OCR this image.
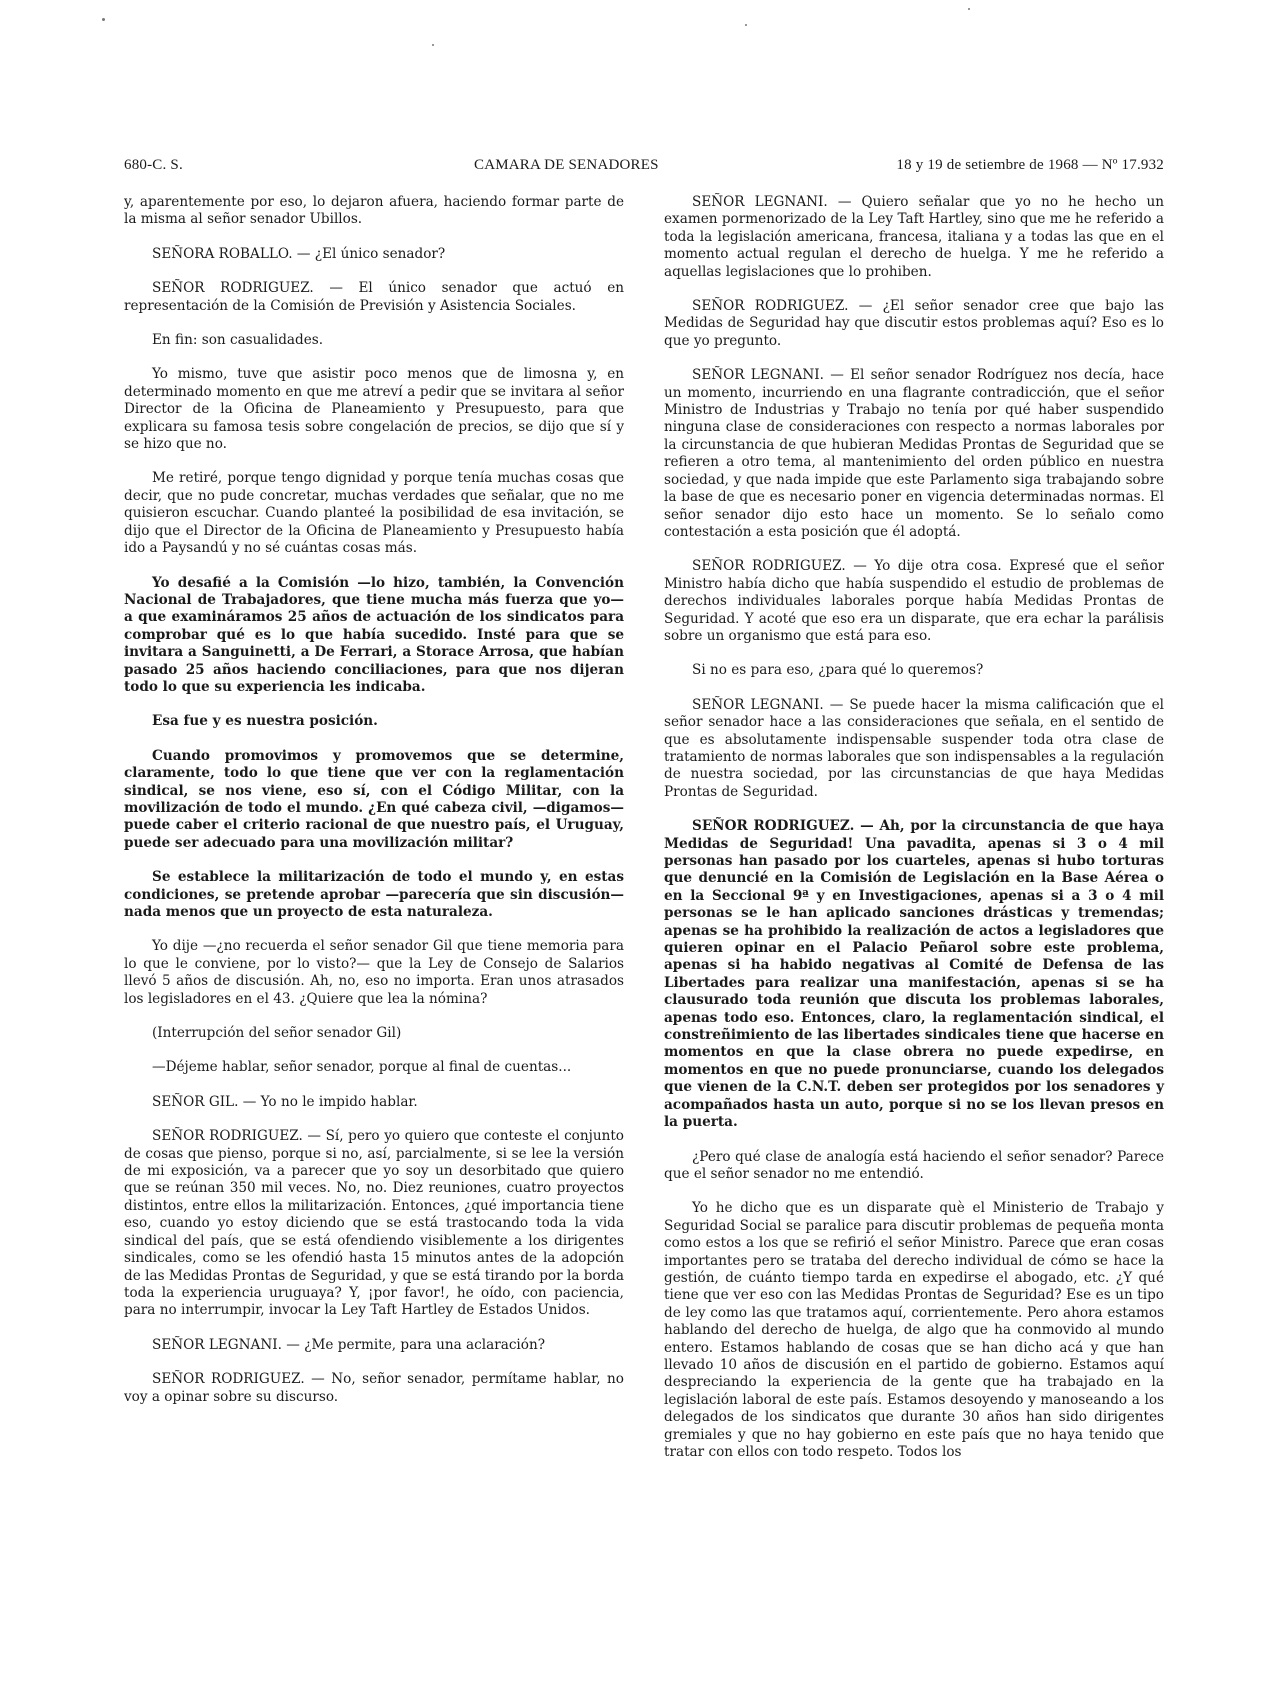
680-C. S.	CAMARA DE SENADORES	18 y 19 de setiembre de 1968 — Nº 17.932

y, aparentemente por eso, lo dejaron afuera, haciendo formar parte de la misma al señor senador Ubillos.

SEÑORA ROBALLO. — ¿El único senador?

SEÑOR RODRIGUEZ. — El único senador que actuó en representación de la Comisión de Previsión y Asistencia Sociales.

En fin: son casualidades.

Yo mismo, tuve que asistir poco menos que de limosna y, en determinado momento en que me atreví a pedir que se invitara al señor Director de la Oficina de Planeamiento y Presupuesto, para que explicara su famosa tesis sobre congelación de precios, se dijo que sí y se hizo que no.

Me retiré, porque tengo dignidad y porque tenía muchas cosas que decir, que no pude concretar, muchas verdades que señalar, que no me quisieron escuchar. Cuando planteé la posibilidad de esa invitación, se dijo que el Director de la Oficina de Planeamiento y Presupuesto había ido a Paysandú y no sé cuántas cosas más.

Yo desafié a la Comisión —lo hizo, también, la Convención Nacional de Trabajadores, que tiene mucha más fuerza que yo— a que examináramos 25 años de actuación de los sindicatos para comprobar qué es lo que había sucedido. Insté para que se invitara a Sanguinetti, a De Ferrari, a Storace Arrosa, que habían pasado 25 años haciendo conciliaciones, para que nos dijeran todo lo que su experiencia les indicaba.

Esa fue y es nuestra posición.

Cuando promovimos y promovemos que se determine, claramente, todo lo que tiene que ver con la reglamentación sindical, se nos viene, eso sí, con el Código Militar, con la movilización de todo el mundo. ¿En qué cabeza civil, —digamos— puede caber el criterio racional de que nuestro país, el Uruguay, puede ser adecuado para una movilización militar?

Se establece la militarización de todo el mundo y, en estas condiciones, se pretende aprobar —parecería que sin discusión— nada menos que un proyecto de esta naturaleza.

Yo dije —¿no recuerda el señor senador Gil que tiene memoria para lo que le conviene, por lo visto?— que la Ley de Consejo de Salarios llevó 5 años de discusión. Ah, no, eso no importa. Eran unos atrasados los legisladores en el 43. ¿Quiere que lea la nómina?

(Interrupción del señor senador Gil)

—Déjeme hablar, señor senador, porque al final de cuentas...

SEÑOR GIL. — Yo no le impido hablar.

SEÑOR RODRIGUEZ. — Sí, pero yo quiero que conteste el conjunto de cosas que pienso, porque si no, así, parcialmente, si se lee la versión de mi exposición, va a parecer que yo soy un desorbitado que quiero que se reúnan 350 mil veces. No, no. Diez reuniones, cuatro proyectos distintos, entre ellos la militarización. Entonces, ¿qué importancia tiene eso, cuando yo estoy diciendo que se está trastocando toda la vida sindical del país, que se está ofendiendo visiblemente a los dirigentes sindicales, como se les ofendió hasta 15 minutos antes de la adopción de las Medidas Prontas de Seguridad, y que se está tirando por la borda toda la experiencia uruguaya? Y, ¡por favor!, he oído, con paciencia, para no interrumpir, invocar la Ley Taft Hartley de Estados Unidos.

SEÑOR LEGNANI. — ¿Me permite, para una aclaración?

SEÑOR RODRIGUEZ. — No, señor senador, permítame hablar, no voy a opinar sobre su discurso.

SEÑOR LEGNANI. — Quiero señalar que yo no he hecho un examen pormenorizado de la Ley Taft Hartley, sino que me he referido a toda la legislación americana, francesa, italiana y a todas las que en el momento actual regulan el derecho de huelga. Y me he referido a aquellas legislaciones que lo prohiben.

SEÑOR RODRIGUEZ. — ¿El señor senador cree que bajo las Medidas de Seguridad hay que discutir estos problemas aquí? Eso es lo que yo pregunto.

SEÑOR LEGNANI. — El señor senador Rodríguez nos decía, hace un momento, incurriendo en una flagrante contradicción, que el señor Ministro de Industrias y Trabajo no tenía por qué haber suspendido ninguna clase de consideraciones con respecto a normas laborales por la circunstancia de que hubieran Medidas Prontas de Seguridad que se refieren a otro tema, al mantenimiento del orden público en nuestra sociedad, y que nada impide que este Parlamento siga trabajando sobre la base de que es necesario poner en vigencia determinadas normas. El señor senador dijo esto hace un momento. Se lo señalo como contestación a esta posición que él adoptá.

SEÑOR RODRIGUEZ. — Yo dije otra cosa. Expresé que el señor Ministro había dicho que había suspendido el estudio de problemas de derechos individuales laborales porque había Medidas Prontas de Seguridad. Y acoté que eso era un disparate, que era echar la parálisis sobre un organismo que está para eso.

Si no es para eso, ¿para qué lo queremos?

SEÑOR LEGNANI. — Se puede hacer la misma calificación que el señor senador hace a las consideraciones que señala, en el sentido de que es absolutamente indispensable suspender toda otra clase de tratamiento de normas laborales que son indispensables a la regulación de nuestra sociedad, por las circunstancias de que haya Medidas Prontas de Seguridad.

SEÑOR RODRIGUEZ. — Ah, por la circunstancia de que haya Medidas de Seguridad! Una pavadita, apenas si 3 o 4 mil personas han pasado por los cuarteles, apenas si hubo torturas que denuncié en la Comisión de Legislación en la Base Aérea o en la Seccional 9ª y en Investigaciones, apenas si a 3 o 4 mil personas se le han aplicado sanciones drásticas y tremendas; apenas se ha prohibido la realización de actos a legisladores que quieren opinar en el Palacio Peñarol sobre este problema, apenas si ha habido negativas al Comité de Defensa de las Libertades para realizar una manifestación, apenas si se ha clausurado toda reunión que discuta los problemas laborales, apenas todo eso. Entonces, claro, la reglamentación sindical, el constreñimiento de las libertades sindicales tiene que hacerse en momentos en que la clase obrera no puede expedirse, en momentos en que no puede pronunciarse, cuando los delegados que vienen de la C.N.T. deben ser protegidos por los senadores y acompañados hasta un auto, porque si no se los llevan presos en la puerta.

¿Pero qué clase de analogía está haciendo el señor senador? Parece que el señor senador no me entendió.

Yo he dicho que es un disparate què el Ministerio de Trabajo y Seguridad Social se paralice para discutir problemas de pequeña monta como estos a los que se refirió el señor Ministro. Parece que eran cosas importantes pero se trataba del derecho individual de cómo se hace la gestión, de cuánto tiempo tarda en expedirse el abogado, etc. ¿Y qué tiene que ver eso con las Medidas Prontas de Seguridad? Ese es un tipo de ley como las que tratamos aquí, corrientemente. Pero ahora estamos hablando del derecho de huelga, de algo que ha conmovido al mundo entero. Estamos hablando de cosas que se han dicho acá y que han llevado 10 años de discusión en el partido de gobierno. Estamos aquí despreciando la experiencia de la gente que ha trabajado en la legislación laboral de este país. Estamos desoyendo y manoseando a los delegados de los sindicatos que durante 30 años han sido dirigentes gremiales y que no hay gobierno en este país que no haya tenido que tratar con ellos con todo respeto. Todos los
